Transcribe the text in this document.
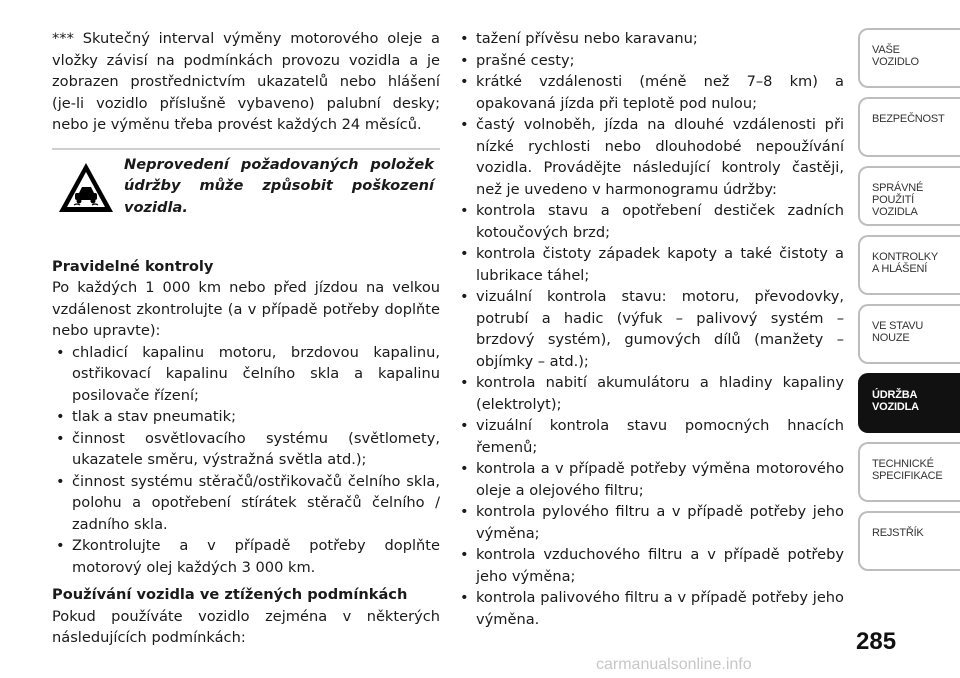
*** Skutečný interval výměny motorového oleje a vložky závisí na podmínkách provozu vozidla a je zobrazen prostřednictvím ukazatelů nebo hlášení (je-li vozidlo příslušně vybaveno) palubní desky; nebo je výměnu třeba provést každých 24 měsíců.

Neprovedení požadovaných položek údržby může způsobit poškození vozidla.

Pravidelné kontroly

Po každých 1 000 km nebo před jízdou na velkou vzdálenost zkontrolujte (a v případě potřeby doplňte nebo upravte):

• chladicí kapalinu motoru, brzdovou kapalinu, ostřikovací kapalinu čelního skla a kapalinu posilovače řízení;
• tlak a stav pneumatik;
• činnost osvětlovacího systému (světlomety, ukazatele směru, výstražná světla atd.);
• činnost systému stěračů/ostřikovačů čelního skla, polohu a opotřebení stírátek stěračů čelního / zadního skla.
• Zkontrolujte a v případě potřeby doplňte motorový olej každých 3 000 km.

Používání vozidla ve ztížených podmínkách

Pokud používáte vozidlo zejména v některých následujících podmínkách:

• tažení přívěsu nebo karavanu;
• prašné cesty;
• krátké vzdálenosti (méně než 7–8 km) a opakovaná jízda při teplotě pod nulou;
• častý volnoběh, jízda na dlouhé vzdálenosti při nízké rychlosti nebo dlouhodobé nepoužívání vozidla. Provádějte následující kontroly častěji, než je uvedeno v harmonogramu údržby:
• kontrola stavu a opotřebení destiček zadních kotoučových brzd;
• kontrola čistoty západek kapoty a také čistoty a lubrikace táhel;
• vizuální kontrola stavu: motoru, převodovky, potrubí a hadic (výfuk – palivový systém – brzdový systém), gumových dílů (manžety – objímky – atd.);
• kontrola nabití akumulátoru a hladiny kapaliny (elektrolyt);
• vizuální kontrola stavu pomocných hnacích řemenů;
• kontrola a v případě potřeby výměna motorového oleje a olejového filtru;
• kontrola pylového filtru a v případě potřeby jeho výměna;
• kontrola vzduchového filtru a v případě potřeby jeho výměna;
• kontrola palivového filtru a v případě potřeby jeho výměna.
VAŠE
VOZIDLO
BEZPEČNOST
SPRÁVNÉ
POUŽITÍ
VOZIDLA
KONTROLKY
A HLÁŠENÍ
VE STAVU
NOUZE
ÚDRŽBA
VOZIDLA
TECHNICKÉ
SPECIFIKACE
REJSTŘÍK
285
carmanualsonline.info
